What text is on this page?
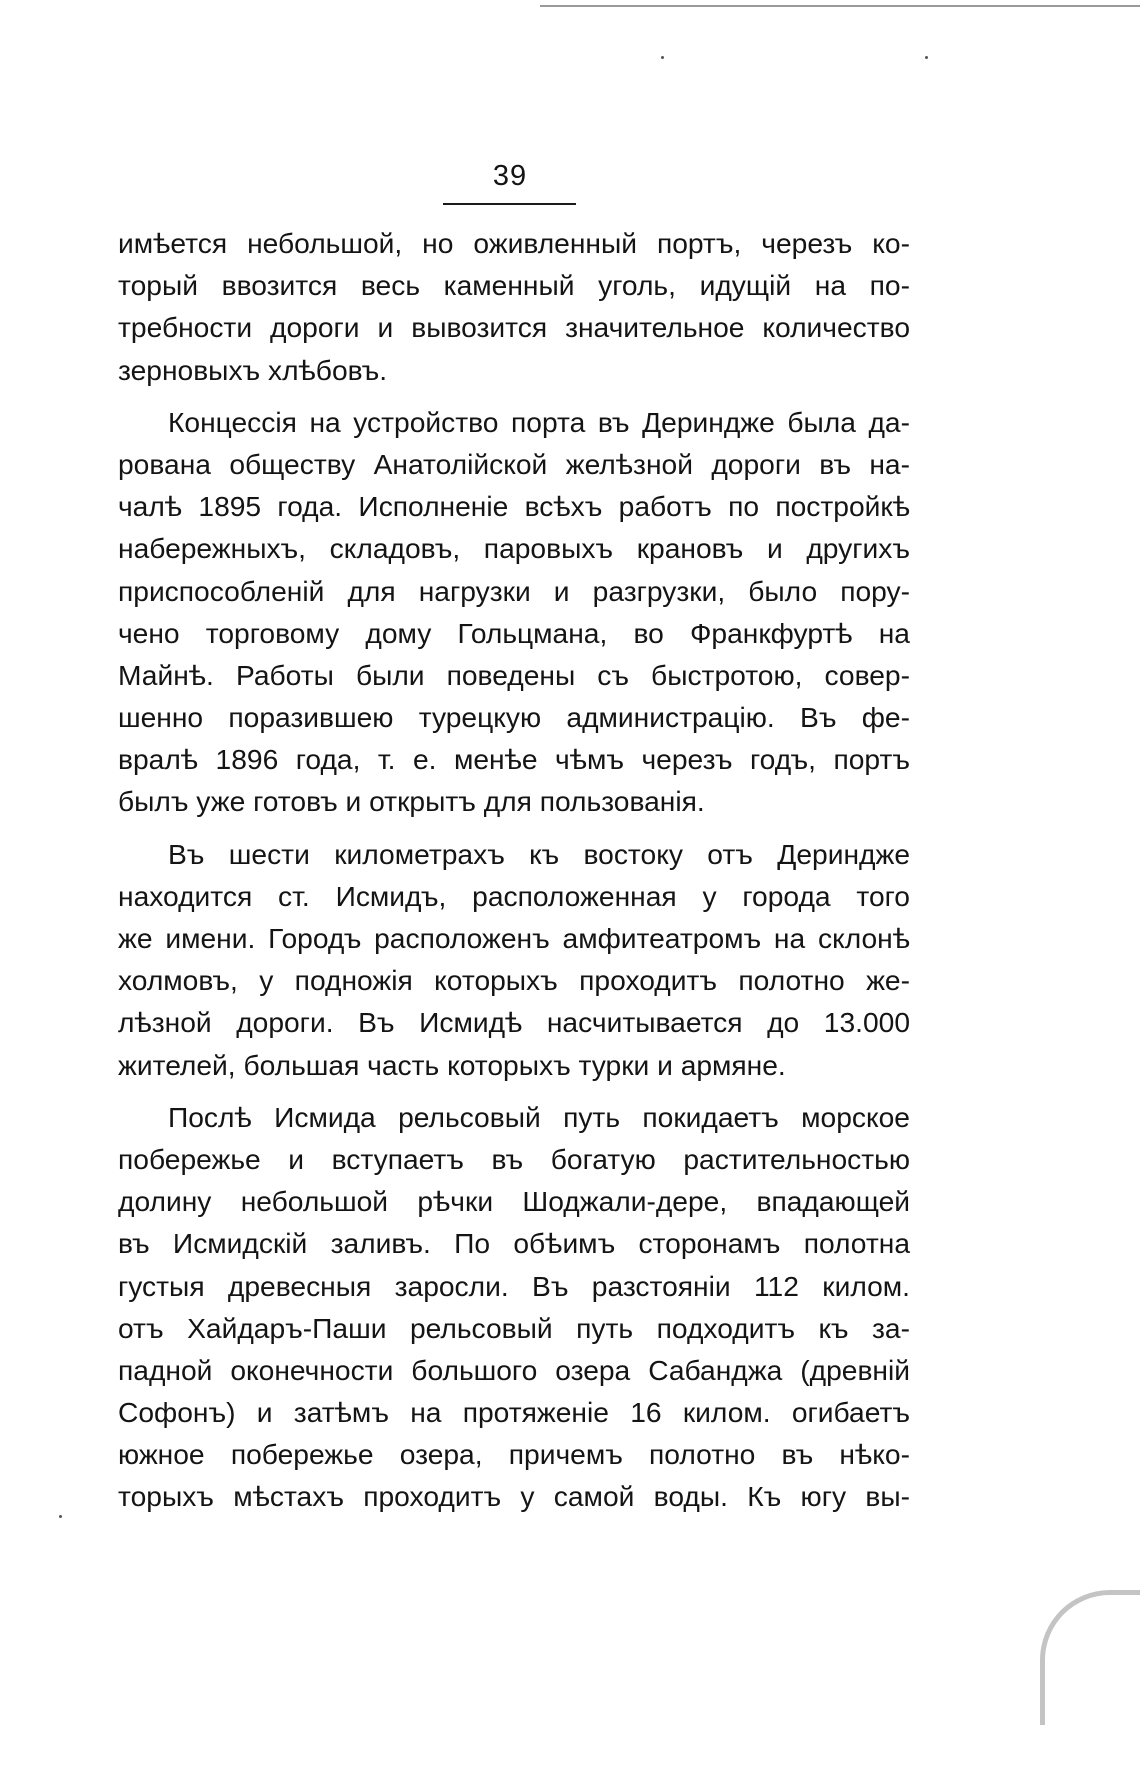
39
имѣется небольшой, но оживленный портъ, черезъ ко-
торый ввозится весь каменный уголь, идущій на по-
требности дороги и вывозится значительное количество
зерновыхъ хлѣбовъ.
Концессія на устройство порта въ Дериндже была да-
рована обществу Анатолійской желѣзной дороги въ на-
чалѣ 1895 года. Исполненіе всѣхъ работъ по постройкѣ
набережныхъ, складовъ, паровыхъ крановъ и другихъ
приспособленій для нагрузки и разгрузки, было пору-
чено торговому дому Гольцмана, во Франкфуртѣ на
Майнѣ. Работы были поведены съ быстротою, совер-
шенно поразившею турецкую администрацію. Въ фе-
вралѣ 1896 года, т. е. менѣе чѣмъ черезъ годъ, портъ
былъ уже готовъ и открытъ для пользованія.
Въ шести километрахъ къ востоку отъ Дериндже
находится ст. Исмидъ, расположенная у города того
же имени. Городъ расположенъ амфитеатромъ на склонѣ
холмовъ, у подножія которыхъ проходитъ полотно же-
лѣзной дороги. Въ Исмидѣ насчитывается до 13.000
жителей, большая часть которыхъ турки и армяне.
Послѣ Исмида рельсовый путь покидаетъ морское
побережье и вступаетъ въ богатую растительностью
долину небольшой рѣчки Шоджали-дере, впадающей
въ Исмидскій заливъ. По обѣимъ сторонамъ полотна
густыя древесныя заросли. Въ разстояніи 112 килом.
отъ Хайдаръ-Паши рельсовый путь подходитъ къ за-
падной оконечности большого озера Сабанджа (древній
Софонъ) и затѣмъ на протяженіе 16 килом. огибаетъ
южное побережье озера, причемъ полотно въ нѣко-
торыхъ мѣстахъ проходитъ у самой воды. Къ югу вы-
